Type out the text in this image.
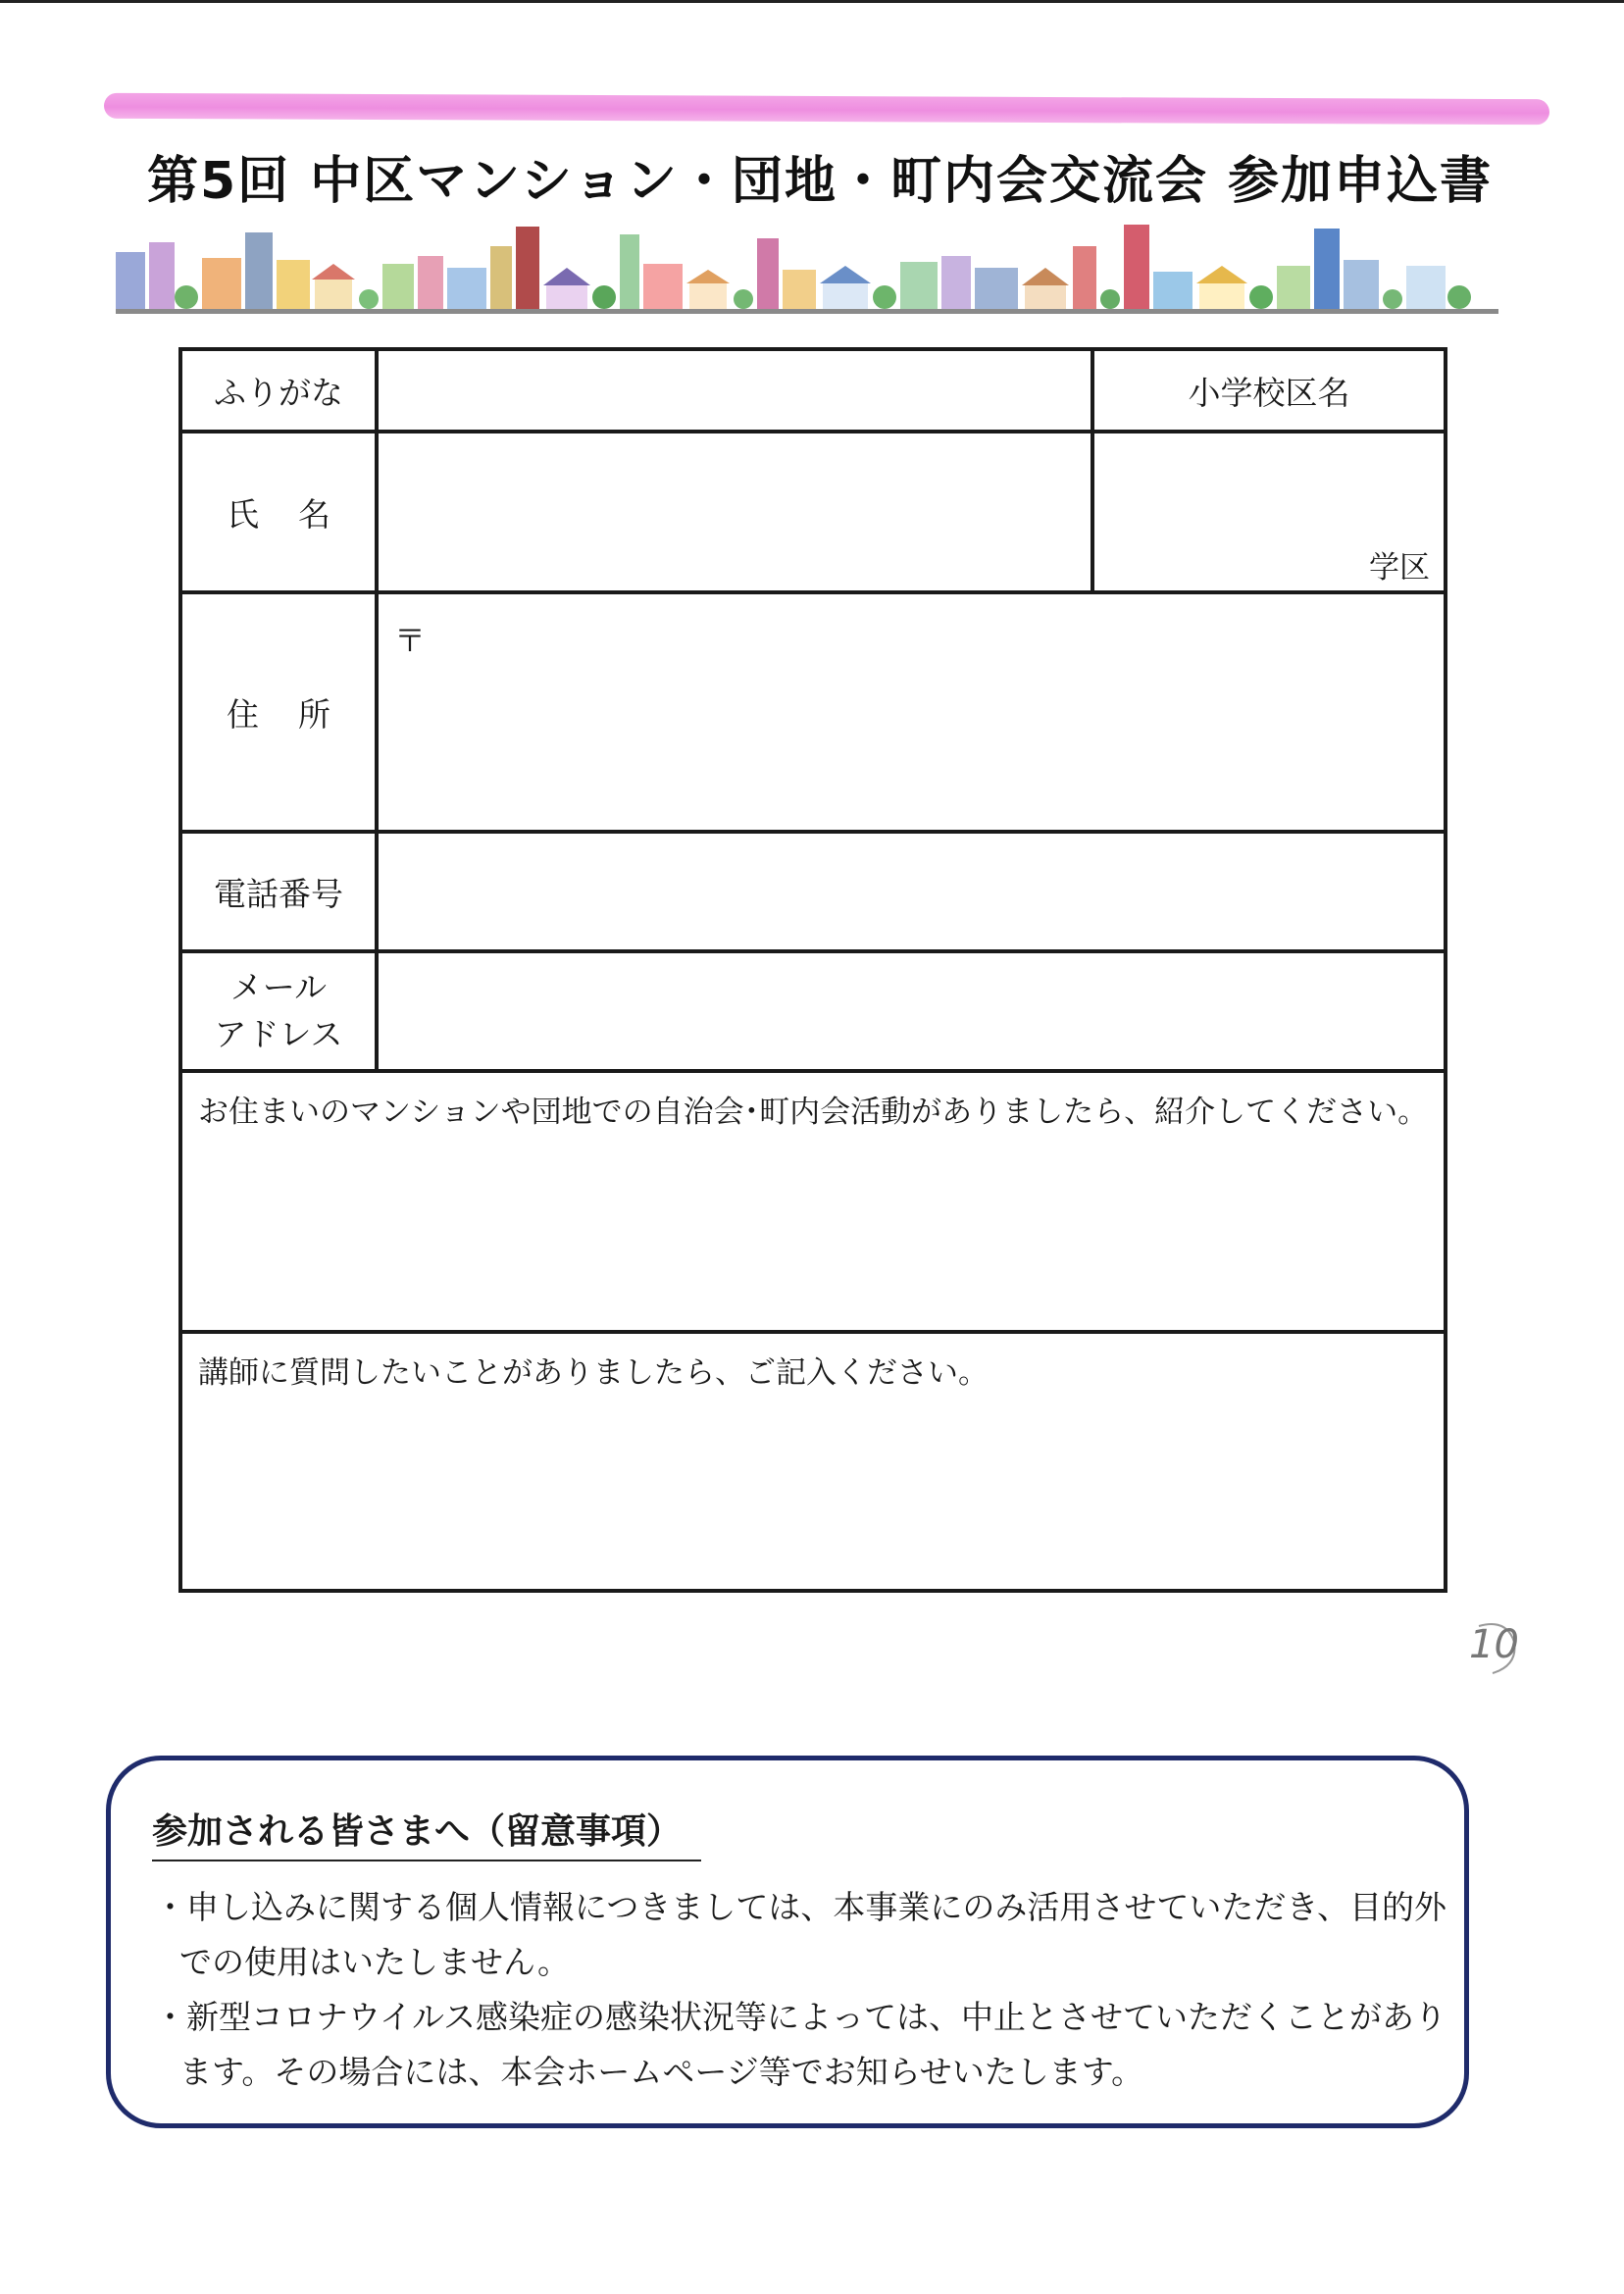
第5回 中区マンション・団地・町内会交流会 参加申込書
ふりがな		小学校区名
氏名		学区

住所	〒	

電話番号		

メール
アドレス		

お住まいのマンションや団地での自治会･町内会活動がありましたら、紹介してください。		

講師に質問したいことがありましたら、ご記入ください。		
10
参加される皆さまへ（留意事項）
・申し込みに関する個人情報につきましては、本事業にのみ活用させていただき、目的外での使用はいたしません。
・新型コロナウイルス感染症の感染状況等によっては、中止とさせていただくことがあります。その場合には、本会ホームページ等でお知らせいたします。
